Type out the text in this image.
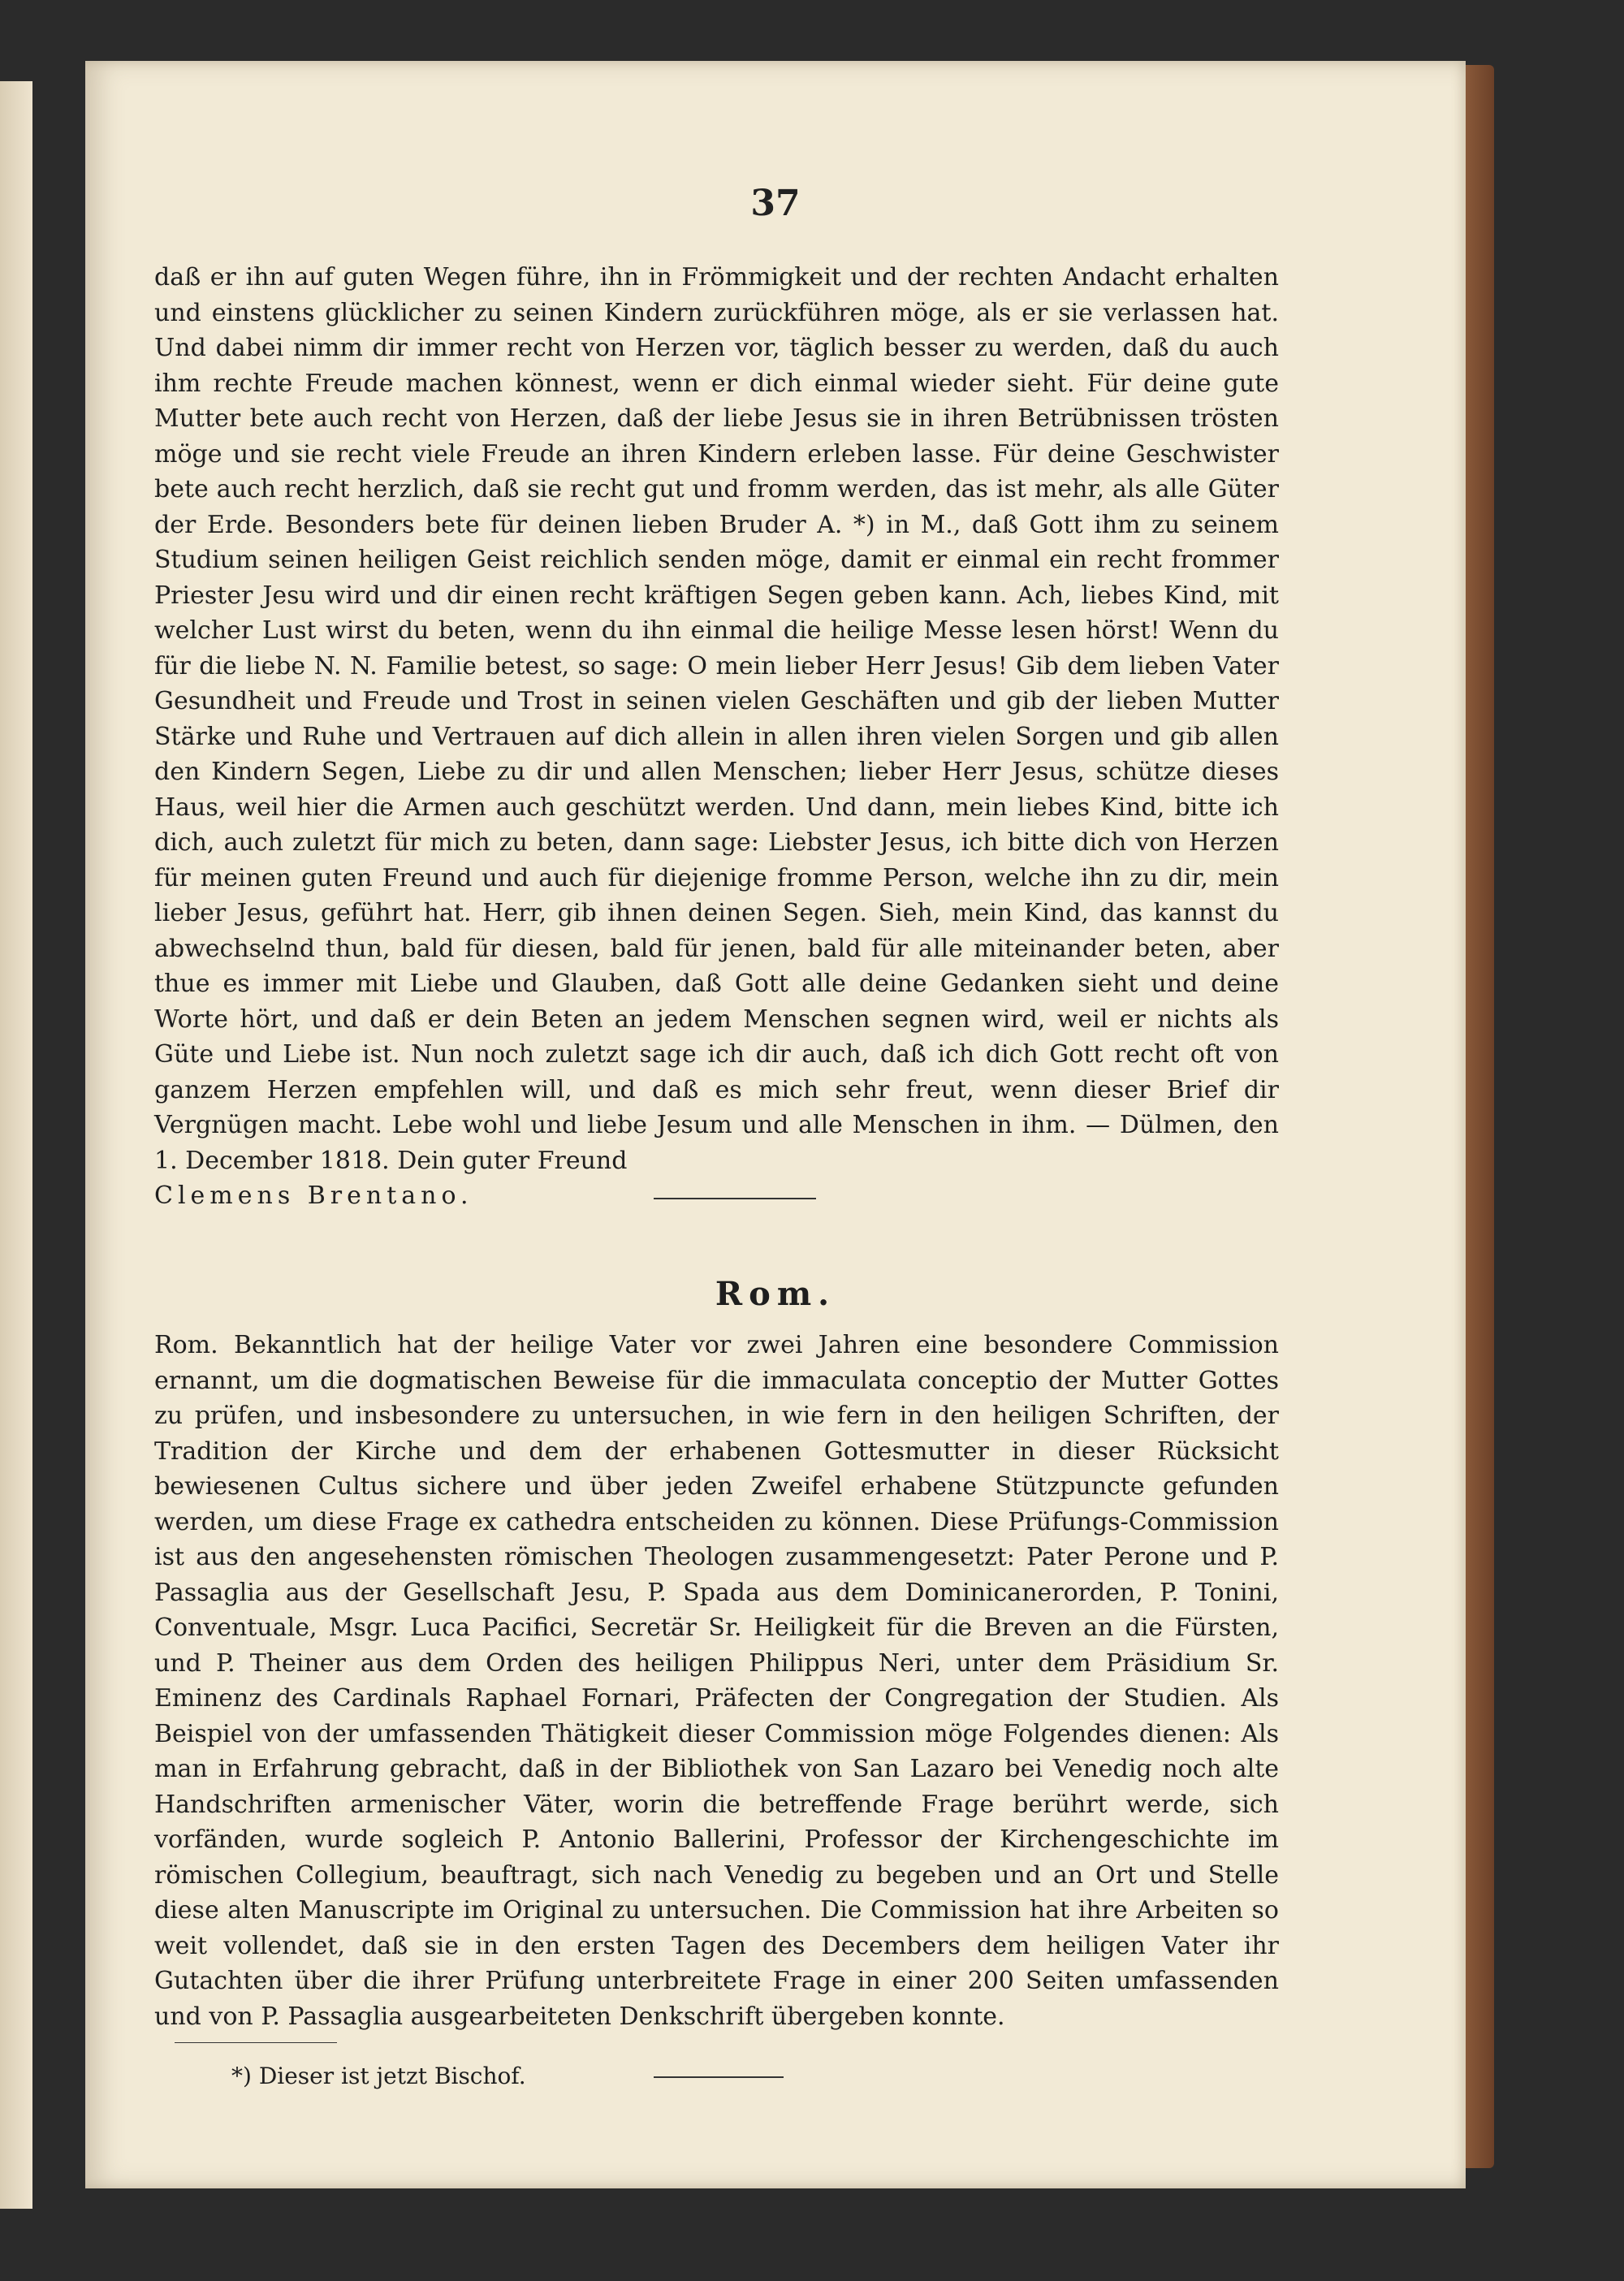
37

daß er ihn auf guten Wegen führe, ihn in Frömmigkeit und der rechten Andacht erhalten und einstens glücklicher zu seinen Kindern zurückführen möge, als er sie verlassen hat. Und dabei nimm dir immer recht von Herzen vor, täglich besser zu werden, daß du auch ihm rechte Freude machen könnest, wenn er dich einmal wieder sieht. Für deine gute Mutter bete auch recht von Herzen, daß der liebe Jesus sie in ihren Betrübnissen trösten möge und sie recht viele Freude an ihren Kindern erleben lasse. Für deine Geschwister bete auch recht herzlich, daß sie recht gut und fromm werden, das ist mehr, als alle Güter der Erde. Besonders bete für deinen lieben Bruder A. *) in M., daß Gott ihm zu seinem Studium seinen heiligen Geist reichlich senden möge, damit er einmal ein recht frommer Priester Jesu wird und dir einen recht kräftigen Segen geben kann. Ach, liebes Kind, mit welcher Lust wirst du beten, wenn du ihn einmal die heilige Messe lesen hörst! Wenn du für die liebe N. N. Familie betest, so sage: O mein lieber Herr Jesus! Gib dem lieben Vater Gesundheit und Freude und Trost in seinen vielen Geschäften und gib der lieben Mutter Stärke und Ruhe und Vertrauen auf dich allein in allen ihren vielen Sorgen und gib allen den Kindern Segen, Liebe zu dir und allen Menschen; lieber Herr Jesus, schütze dieses Haus, weil hier die Armen auch geschützt werden. Und dann, mein liebes Kind, bitte ich dich, auch zuletzt für mich zu beten, dann sage: Liebster Jesus, ich bitte dich von Herzen für meinen guten Freund und auch für diejenige fromme Person, welche ihn zu dir, mein lieber Jesus, geführt hat. Herr, gib ihnen deinen Segen. Sieh, mein Kind, das kannst du abwechselnd thun, bald für diesen, bald für jenen, bald für alle miteinander beten, aber thue es immer mit Liebe und Glauben, daß Gott alle deine Gedanken sieht und deine Worte hört, und daß er dein Beten an jedem Menschen segnen wird, weil er nichts als Güte und Liebe ist. Nun noch zuletzt sage ich dir auch, daß ich dich Gott recht oft von ganzem Herzen empfehlen will, und daß es mich sehr freut, wenn dieser Brief dir Vergnügen macht. Lebe wohl und liebe Jesum und alle Menschen in ihm. — Dülmen, den 1. December 1818. Dein guter Freund

Clemens Brentano.

Rom.

Rom. Bekanntlich hat der heilige Vater vor zwei Jahren eine besondere Commission ernannt, um die dogmatischen Beweise für die immaculata conceptio der Mutter Gottes zu prüfen, und insbesondere zu untersuchen, in wie fern in den heiligen Schriften, der Tradition der Kirche und dem der erhabenen Gottesmutter in dieser Rücksicht bewiesenen Cultus sichere und über jeden Zweifel erhabene Stützpuncte gefunden werden, um diese Frage ex cathedra entscheiden zu können. Diese Prüfungs-Commission ist aus den angesehensten römischen Theologen zusammengesetzt: Pater Perone und P. Passaglia aus der Gesellschaft Jesu, P. Spada aus dem Dominicanerorden, P. Tonini, Conventuale, Msgr. Luca Pacifici, Secretär Sr. Heiligkeit für die Breven an die Fürsten, und P. Theiner aus dem Orden des heiligen Philippus Neri, unter dem Präsidium Sr. Eminenz des Cardinals Raphael Fornari, Präfecten der Congregation der Studien. Als Beispiel von der umfassenden Thätigkeit dieser Commission möge Folgendes dienen: Als man in Erfahrung gebracht, daß in der Bibliothek von San Lazaro bei Venedig noch alte Handschriften armenischer Väter, worin die betreffende Frage berührt werde, sich vorfänden, wurde sogleich P. Antonio Ballerini, Professor der Kirchengeschichte im römischen Collegium, beauftragt, sich nach Venedig zu begeben und an Ort und Stelle diese alten Manuscripte im Original zu untersuchen. Die Commission hat ihre Arbeiten so weit vollendet, daß sie in den ersten Tagen des Decembers dem heiligen Vater ihr Gutachten über die ihrer Prüfung unterbreitete Frage in einer 200 Seiten umfassenden und von P. Passaglia ausgearbeiteten Denkschrift übergeben konnte.

*) Dieser ist jetzt Bischof.
